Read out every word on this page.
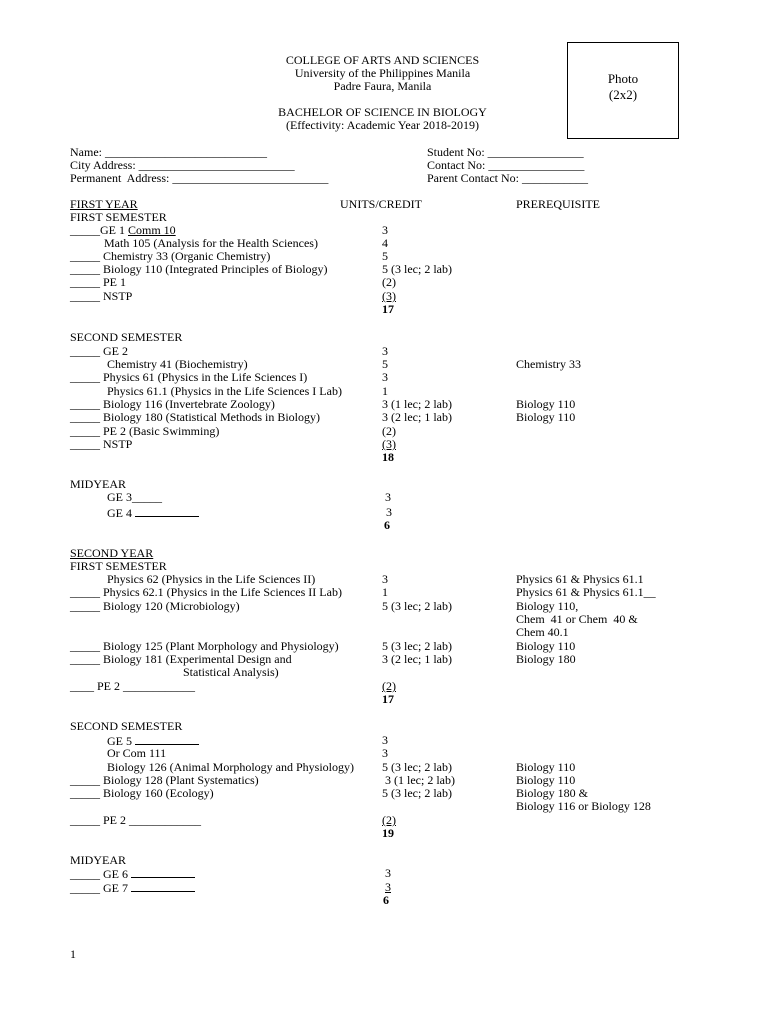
COLLEGE OF ARTS AND SCIENCES
University of the Philippines Manila
Padre Faura, Manila
BACHELOR OF SCIENCE IN BIOLOGY
(Effectivity: Academic Year 2018-2019)
Photo
(2x2)
Name: ___________________________
City Address: __________________________
Permanent  Address: __________________________
Student No: ________________
Contact No: ________________
Parent Contact No: ___________
FIRST YEAR	UNITS/CREDIT	PREREQUISITE
FIRST SEMESTER
_____GE 1 Comm 10	3
Math 105 (Analysis for the Health Sciences)	4
_____ Chemistry 33 (Organic Chemistry)	5
_____ Biology 110 (Integrated Principles of Biology)	5 (3 lec; 2 lab)
_____ PE 1	(2)
_____ NSTP	(3)
17
SECOND SEMESTER
_____ GE 2	3
Chemistry 41 (Biochemistry)	5	Chemistry 33
_____ Physics 61 (Physics in the Life Sciences I)	3
Physics 61.1 (Physics in the Life Sciences I Lab)	1
_____ Biology 116 (Invertebrate Zoology)	3 (1 lec; 2 lab)	Biology 110
_____ Biology 180 (Statistical Methods in Biology)	3 (2 lec; 1 lab)	Biology 110
_____ PE 2 (Basic Swimming)	(2)
_____ NSTP	(3)
18
MIDYEAR
GE 3_____	3
GE 4	3
6
SECOND YEAR
FIRST SEMESTER
Physics 62 (Physics in the Life Sciences II)	3	Physics 61 & Physics 61.1
_____ Physics 62.1 (Physics in the Life Sciences II Lab)	1	Physics 61 & Physics 61.1__
_____ Biology 120 (Microbiology)	5 (3 lec; 2 lab)	Biology 110,
Chem  41 or Chem  40 &
Chem 40.1
_____ Biology 125 (Plant Morphology and Physiology)	5 (3 lec; 2 lab)	Biology 110
_____ Biology 181 (Experimental Design and	3 (2 lec; 1 lab)	Biology 180
Statistical Analysis)
____ PE 2 ____________	(2)
17
SECOND SEMESTER
GE 5	3
Or Com 111	3
Biology 126 (Animal Morphology and Physiology) 5 (3 lec; 2 lab)	Biology 110
_____ Biology 128 (Plant Systematics)	3 (1 lec; 2 lab)	Biology 110
_____ Biology 160 (Ecology)	5 (3 lec; 2 lab)	Biology 180 &
Biology 116 or Biology 128
_____ PE 2 ____________	(2)
19
MIDYEAR
_____ GE 6	3
_____ GE 7	3
6
1
